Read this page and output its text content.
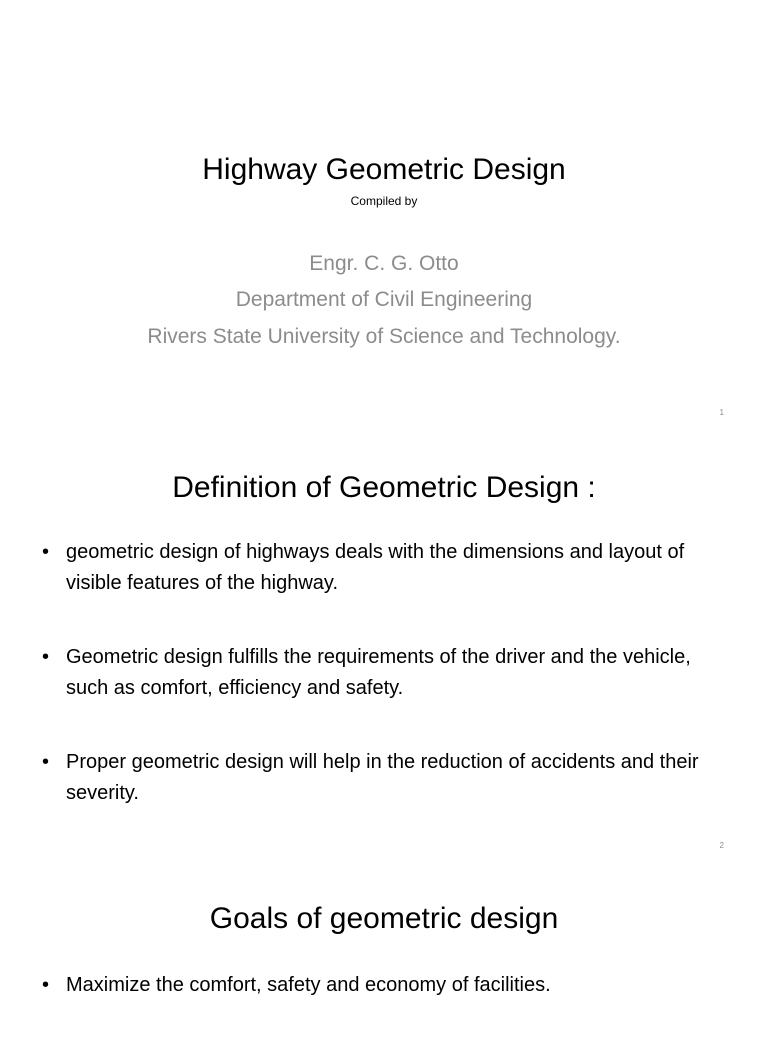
Highway Geometric Design
Compiled by
Engr. C. G. Otto
Department of Civil Engineering
Rivers State University of Science and Technology.
1
Definition of Geometric Design :
• geometric design of highways deals with the dimensions and layout of visible features of the highway.
• Geometric design fulfills the requirements of the driver and the vehicle, such as comfort, efficiency and safety.
• Proper geometric design will help in the reduction of accidents and their severity.
2
Goals of geometric design
• Maximize the comfort, safety and economy of facilities.
